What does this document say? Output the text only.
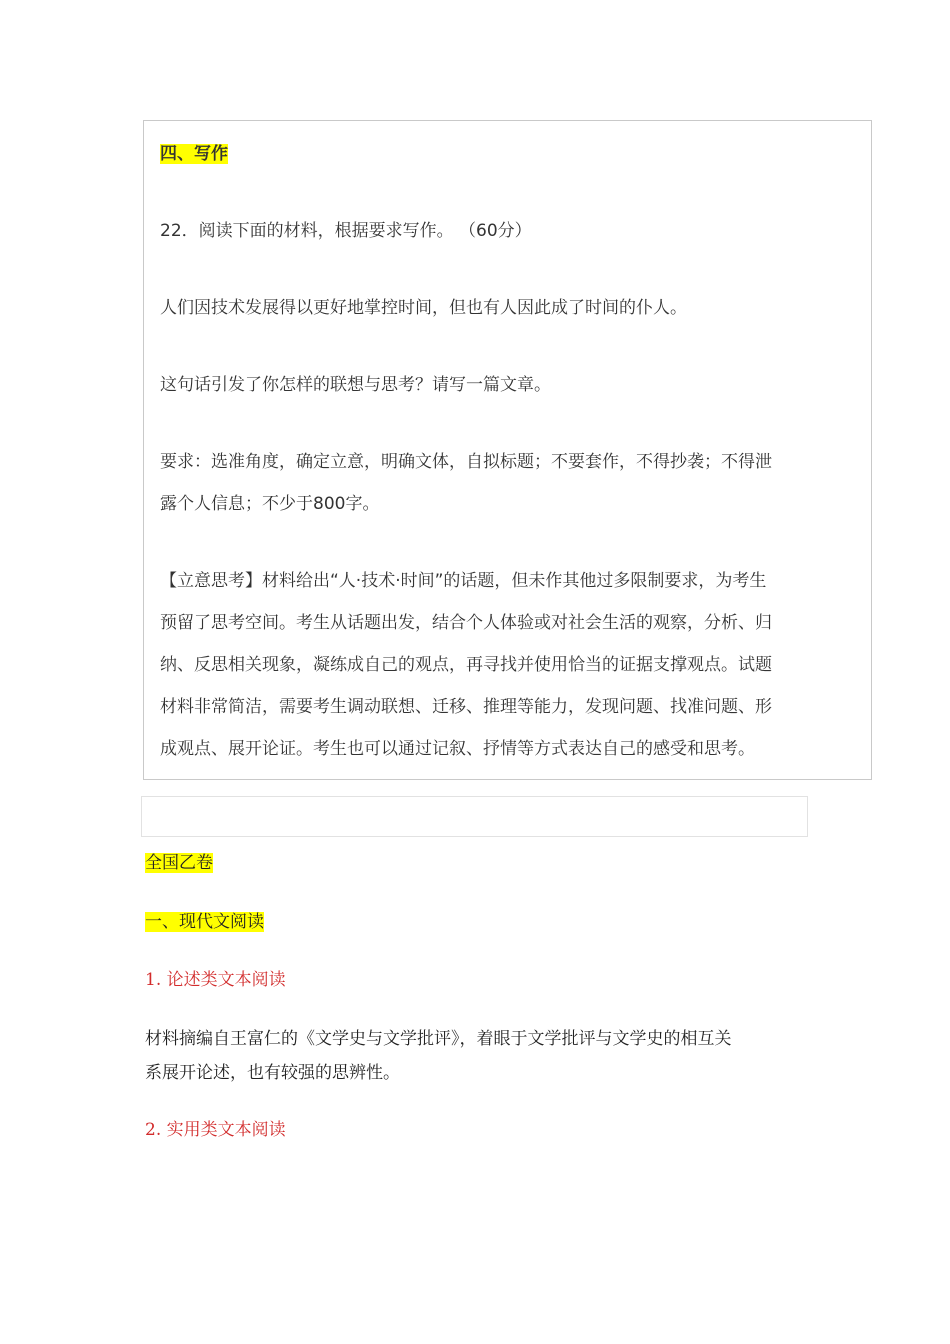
四、写作
22．阅读下面的材料，根据要求写作。 （60分）
人们因技术发展得以更好地掌控时间，但也有人因此成了时间的仆人。
这句话引发了你怎样的联想与思考？请写一篇文章。
要求：选准角度，确定立意，明确文体，自拟标题；不要套作，不得抄袭；不得泄
露个人信息；不少于800字。
【立意思考】材料给出“人·技术·时间”的话题，但未作其他过多限制要求，为考生
预留了思考空间。考生从话题出发，结合个人体验或对社会生活的观察，分析、归
纳、反思相关现象，凝练成自己的观点，再寻找并使用恰当的证据支撑观点。试题
材料非常简洁，需要考生调动联想、迁移、推理等能力，发现问题、找准问题、形
成观点、展开论证。考生也可以通过记叙、抒情等方式表达自己的感受和思考。
全国乙卷
一、现代文阅读
1. 论述类文本阅读
材料摘编自王富仁的《文学史与文学批评》，着眼于文学批评与文学史的相互关
系展开论述，也有较强的思辨性。
2. 实用类文本阅读
